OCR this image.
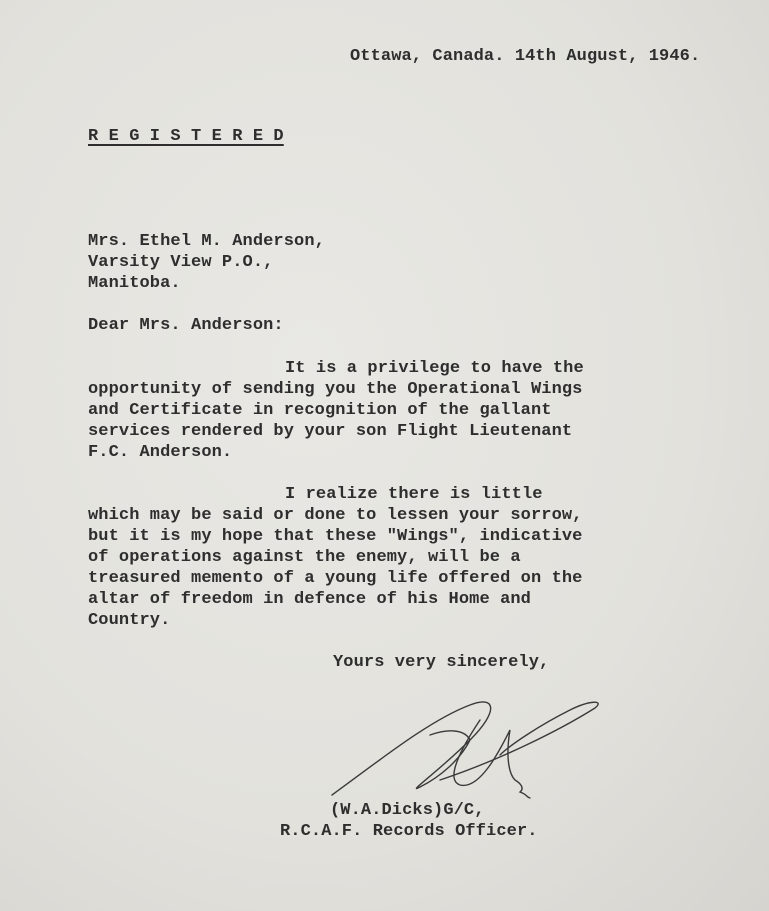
Ottawa, Canada. 14th August, 1946.
R E G I S T E R E D
Mrs. Ethel M. Anderson,
Varsity View P.O.,
Manitoba.
Dear Mrs. Anderson:
It is a privilege to have the
opportunity of sending you the Operational Wings
and Certificate in recognition of the gallant
services rendered by your son Flight Lieutenant
F.C. Anderson.
I realize there is little
which may be said or done to lessen your sorrow,
but it is my hope that these "Wings", indicative
of operations against the enemy, will be a
treasured memento of a young life offered on the
altar of freedom in defence of his Home and
Country.
Yours very sincerely,
(W.A.Dicks)G/C,
R.C.A.F. Records Officer.
